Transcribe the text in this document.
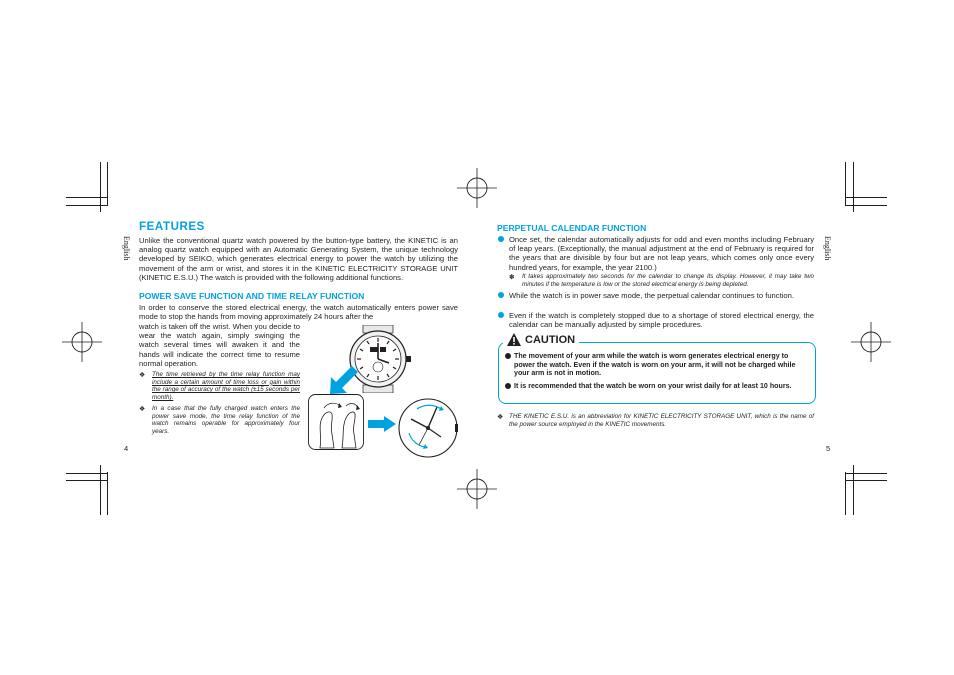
English
FEATURES
Unlike the conventional quartz watch powered by the button-type battery, the KINETIC is an analog quartz watch equipped with an Automatic Generating System, the unique technology developed by SEIKO, which generates electrical energy to power the watch by utilizing the movement of the arm or wrist, and stores it in the KINETIC ELECTRICITY STORAGE UNIT (KINETIC E.S.U.) The watch is provided with the following additional functions.
POWER SAVE FUNCTION AND TIME RELAY FUNCTION
In order to conserve the stored electrical energy, the watch automatically enters power save mode to stop the hands from moving approximately 24 hours after the
watch is taken off the wrist. When you decide to wear the watch again, simply swinging the watch several times will awaken it and the hands will indicate the correct time to resume normal operation.
❖ The time retrieved by the time relay function may include a certain amount of time loss or gain within the range of accuracy of the watch (±15 seconds per month).
❖ In a case that the fully charged watch enters the power save mode, the time relay function of the watch remains operable for approximately four years.
4
English
PERPETUAL CALENDAR FUNCTION
Once set, the calendar automatically adjusts for odd and even months including February of leap years. (Exceptionally, the manual adjustment at the end of February is required for the years that are divisible by four but are not leap years, which comes only once every hundred years, for example, the year 2100.)
✽ It takes approximately two seconds for the calendar to change its display. However, it may take two minutes if the temperature is low or the stored electrical energy is being depleted.
While the watch is in power save mode, the perpetual calendar continues to function.
Even if the watch is completely stopped due to a shortage of stored electrical energy, the calendar can be manually adjusted by simple procedures.
CAUTION
The movement of your arm while the watch is worn generates electrical energy to power the watch. Even if the watch is worn on your arm, it will not be charged while your arm is not in motion.
It is recommended that the watch be worn on your wrist daily for at least 10 hours.
❖ THE KINETIC E.S.U. is an abbreviation for KINETIC ELECTRICITY STORAGE UNIT, which is the name of the power source employed in the KINETIC movements.
5
